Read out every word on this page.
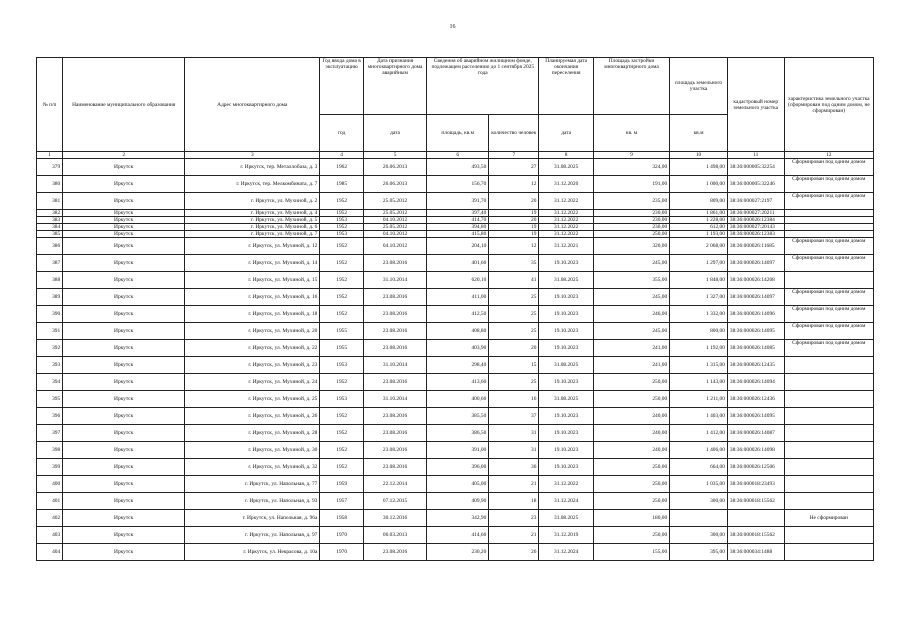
16
№ п/п	Наименование муниципального образования	Адрес многоквартирного дома	Год ввода дома в эксплуатацию	Дата признания многоквартирного дома аварийным	Сведения об аварийном жилищном фонде, подлежащем расселению до 1 сентября 2025 года		Планируемая дата окончания переселения	Площадь застройки многоквартирного дома	площадь земельного участка	кадастровый номер земельного участка	характеристика земельного участка (сформирован под одним домом, не сформирован)
			год	дата	площадь, кв.м	количество человек	дата	кв. м	кв.м		
1	2	3	4	5	6	7	8	9	10	11	12
379	Иркутск	г. Иркутск, тер. Металлобаза, д. 3	1962	26.06.2013	493,50	27	31.08.2025	324,00	1 498,00	38:36:000005:32254	Сформирован под одним домом
380	Иркутск	г. Иркутск, тер. Мелкомбината, д. 7	1985	26.06.2013	156,70	12	31.12.2020	191,00	1 000,00	38:36:000005:32246	Сформирован под одним домом
381	Иркутск	г. Иркутск, ул. Мухиной, д. 2	1952	25.05.2012	391,70	20	31.12.2022	235,00	809,00	38:36:000027:2197	Сформирован под одним домом
382	Иркутск	г. Иркутск, ул. Мухиной, д. 4	1952	25.05.2012	397,40	19	31.12.2022	230,00	1 861,00	38:36:000027:20211	
383	Иркутск	г. Иркутск, ул. Мухиной, д. 5	1953	04.10.2012	414,70	20	31.12.2022	230,00	1 228,00	38:36:000026:12384	
384	Иркутск	г. Иркутск, ул. Мухиной, д. 6	1952	25.05.2012	394,80	19	31.12.2022	230,00	612,00	38:36:000027:20143	
385	Иркутск	г. Иркутск, ул. Мухиной, д. 7	1953	04.10.2012	415,80	19	31.12.2022	250,00	1 193,00	38:36:000026:12383	
386	Иркутск	г. Иркутск, ул. Мухиной, д. 12	1952	04.10.2012	204,10	12	31.12.2021	320,00	2 068,00	38:36:000026:11685	Сформирован под одним домом
387	Иркутск	г. Иркутск, ул. Мухиной, д. 14	1952	23.08.2016	401,60	35	19.10.2023	245,00	1 297,00	38:36:000026:14097	Сформирован под одним домом
388	Иркутск	г. Иркутск, ул. Мухиной, д. 15	1952	31.10.2014	620,10	41	31.08.2025	355,00	1 848,00	38:36:000026:14208	
389	Иркутск	г. Иркутск, ул. Мухиной, д. 16	1952	23.08.2016	411,00	25	19.10.2023	245,00	1 327,00	38:36:000026:14097	Сформирован под одним домом
390	Иркутск	г. Иркутск, ул. Мухиной, д. 18	1952	23.08.2016	412,50	25	19.10.2023	246,00	1 332,00	38:36:000026:14096	Сформирован под одним домом
391	Иркутск	г. Иркутск, ул. Мухиной, д. 20	1955	23.08.2016	408,80	25	19.10.2023	245,00	800,00	38:36:000026:14095	Сформирован под одним домом
392	Иркутск	г. Иркутск, ул. Мухиной, д. 22	1955	23.08.2016	403,90	20	19.10.2023	241,00	1 192,00	38:36:000026:14085	Сформирован под одним домом
393	Иркутск	г. Иркутск, ул. Мухиной, д. 23	1953	31.10.2014	298,40	15	31.08.2025	241,00	1 315,00	38:36:000026:12435	
394	Иркутск	г. Иркутск, ул. Мухиной, д. 24	1952	23.08.2016	413,60	25	19.10.2023	250,00	1 143,00	38:36:000026:14094	
395	Иркутск	г. Иркутск, ул. Мухиной, д. 25	1953	31.10.2014	400,60	16	31.08.2025	250,00	1 211,00	38:36:000026:12436	
396	Иркутск	г. Иркутск, ул. Мухиной, д. 26	1952	23.08.2016	385,50	37	19.10.2023	240,00	1 403,00	38:36:000026:14095	
397	Иркутск	г. Иркутск, ул. Мухиной, д. 28	1952	23.08.2016	386,50	31	19.10.2023	240,00	1 412,00	38:36:000026:14087	
398	Иркутск	г. Иркутск, ул. Мухиной, д. 30	1952	23.08.2016	391,00	31	19.10.2023	240,00	1 406,00	38:36:000026:14098	
399	Иркутск	г. Иркутск, ул. Мухиной, д. 32	1952	23.08.2016	396,00	36	19.10.2023	250,00	664,00	38:36:000026:12506	
400	Иркутск	г. Иркутск, ул. Напольная, д. 77	1959	22.12.2014	405,00	21	31.12.2022	250,00	1 035,00	38:36:000018:23493	
401	Иркутск	г. Иркутск, ул. Напольная, д. 93	1957	07.12.2015	409,90	18	31.12.2024	250,00	300,00	38:36:000018:15562	
402	Иркутск	г. Иркутск, ул. Напольная, д. 96а	1958	30.12.2016	342,90	23	31.08.2025	180,00			Не сформирован
403	Иркутск	г. Иркутск, ул. Напольная, д. 97	1970	06.03.2013	414,60	21	31.12.2019	250,00	300,00	38:36:000018:15562	
404	Иркутск	г. Иркутск, ул. Некрасова, д. 10а	1970	23.08.2016	230,20	26	31.12.2024	155,00	395,00	38:36:000034:1488	
